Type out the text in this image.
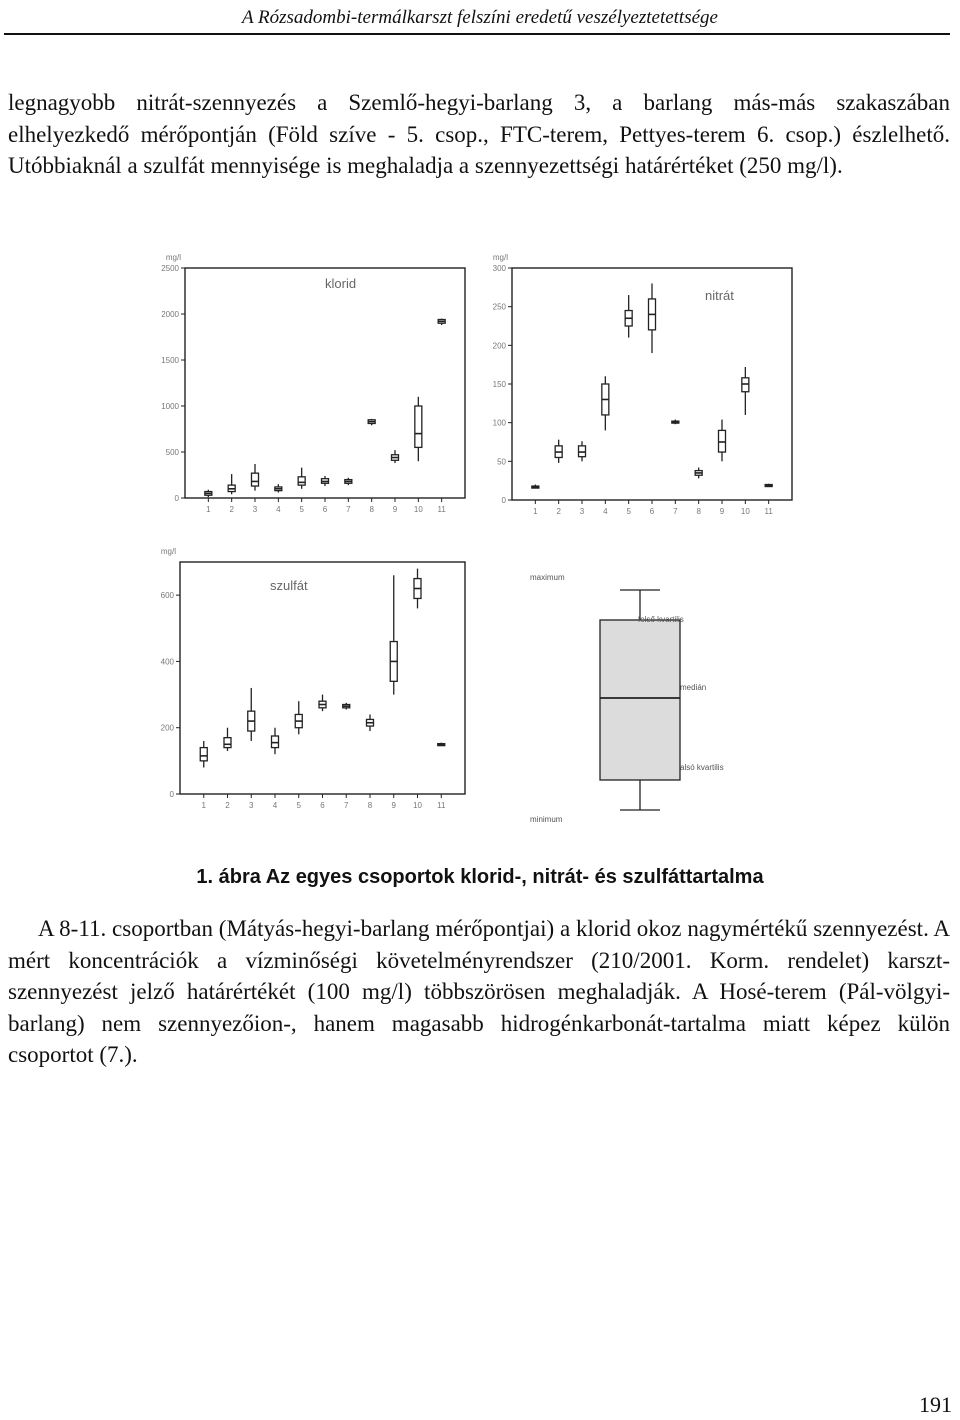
A Rózsadombi-termálkarszt felszíni eredetű veszélyeztetettsége
legnagyobb nitrát-szennyezés a Szemlő-hegyi-barlang 3, a barlang más-más szakaszában elhelyezkedő mérőpontján (Föld szíve - 5. csop., FTC-terem, Pettyes-terem 6. csop.) észlelhető. Utóbbiaknál a szulfát mennyisége is meghaladja a szennyezettségi határértéket (250 mg/l).
mg/l
klorid
0
500
1000
1500
2000
2500
1 2 3 4 5 6 7 8 9 10 11
mg/l
nitrát
0
50
100
150
200
250
300
1 2 3 4 5 6 7 8 9 10 11
mg/l
szulfát
0
200
400
600
1 2 3 4 5 6 7 8 9 10 11
maximum
felső kvartilis
medián
alsó kvartilis
minimum
1. ábra Az egyes csoportok klorid-, nitrát- és szulfáttartalma
A 8-11. csoportban (Mátyás-hegyi-barlang mérőpontjai) a klorid okoz nagymértékű szennyezést. A mért koncentrációk a vízminőségi követelményrendszer (210/2001. Korm. rendelet) karszt-szennyezést jelző határértékét (100 mg/l) többszörösen meghaladják. A Hosé-terem (Pál-völgyi-barlang) nem szennyezőion-, hanem magasabb hidrogénkarbonát-tartalma miatt képez külön csoportot (7.).
191
